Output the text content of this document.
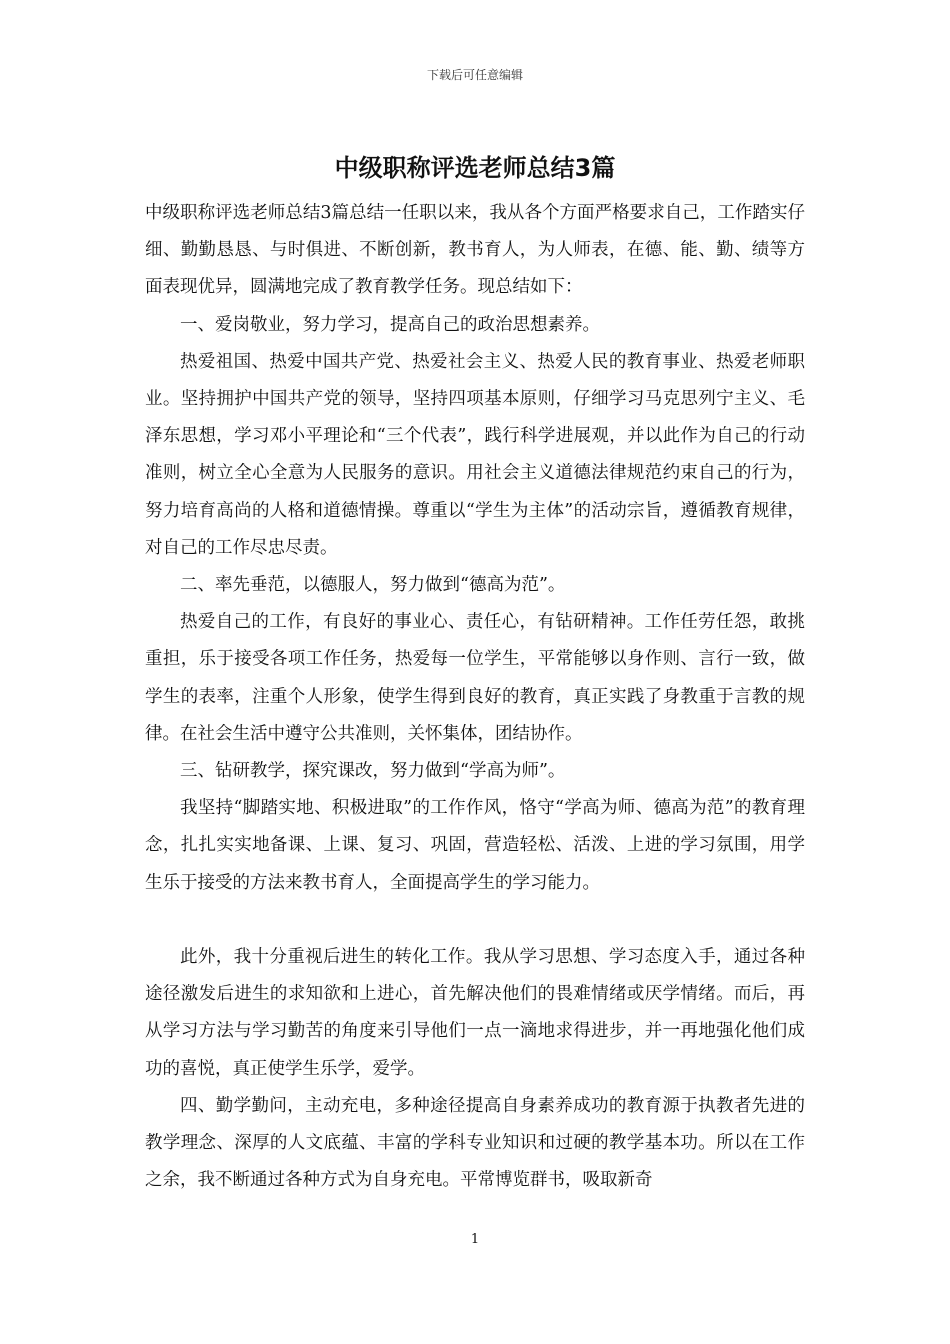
下载后可任意编辑
中级职称评选老师总结3篇

中级职称评选老师总结3篇总结一任职以来，我从各个方面严格要求自己，工作踏实仔细、勤勤恳恳、与时俱进、不断创新，教书育人，为人师表，在德、能、勤、绩等方面表现优异，圆满地完成了教育教学任务。现总结如下：

一、爱岗敬业，努力学习，提高自己的政治思想素养。

热爱祖国、热爱中国共产党、热爱社会主义、热爱人民的教育事业、热爱老师职业。坚持拥护中国共产党的领导，坚持四项基本原则，仔细学习马克思列宁主义、毛泽东思想，学习邓小平理论和“三个代表”，践行科学进展观，并以此作为自己的行动准则，树立全心全意为人民服务的意识。用社会主义道德法律规范约束自己的行为，努力培育高尚的人格和道德情操。尊重以“学生为主体”的活动宗旨，遵循教育规律，对自己的工作尽忠尽责。

二、率先垂范，以德服人，努力做到“德高为范”。

热爱自己的工作，有良好的事业心、责任心，有钻研精神。工作任劳任怨，敢挑重担，乐于接受各项工作任务，热爱每一位学生，平常能够以身作则、言行一致，做学生的表率，注重个人形象，使学生得到良好的教育，真正实践了身教重于言教的规律。在社会生活中遵守公共准则，关怀集体，团结协作。

三、钻研教学，探究课改，努力做到“学高为师”。

我坚持“脚踏实地、积极进取”的工作作风，恪守“学高为师、德高为范”的教育理念，扎扎实实地备课、上课、复习、巩固，营造轻松、活泼、上进的学习氛围，用学生乐于接受的方法来教书育人，全面提高学生的学习能力。

此外，我十分重视后进生的转化工作。我从学习思想、学习态度入手，通过各种途径激发后进生的求知欲和上进心，首先解决他们的畏难情绪或厌学情绪。而后，再从学习方法与学习勤苦的角度来引导他们一点一滴地求得进步，并一再地强化他们成功的喜悦，真正使学生乐学，爱学。

四、勤学勤问，主动充电，多种途径提高自身素养成功的教育源于执教者先进的教学理念、深厚的人文底蕴、丰富的学科专业知识和过硬的教学基本功。所以在工作之余，我不断通过各种方式为自身充电。平常博览群书，吸取新奇

1
